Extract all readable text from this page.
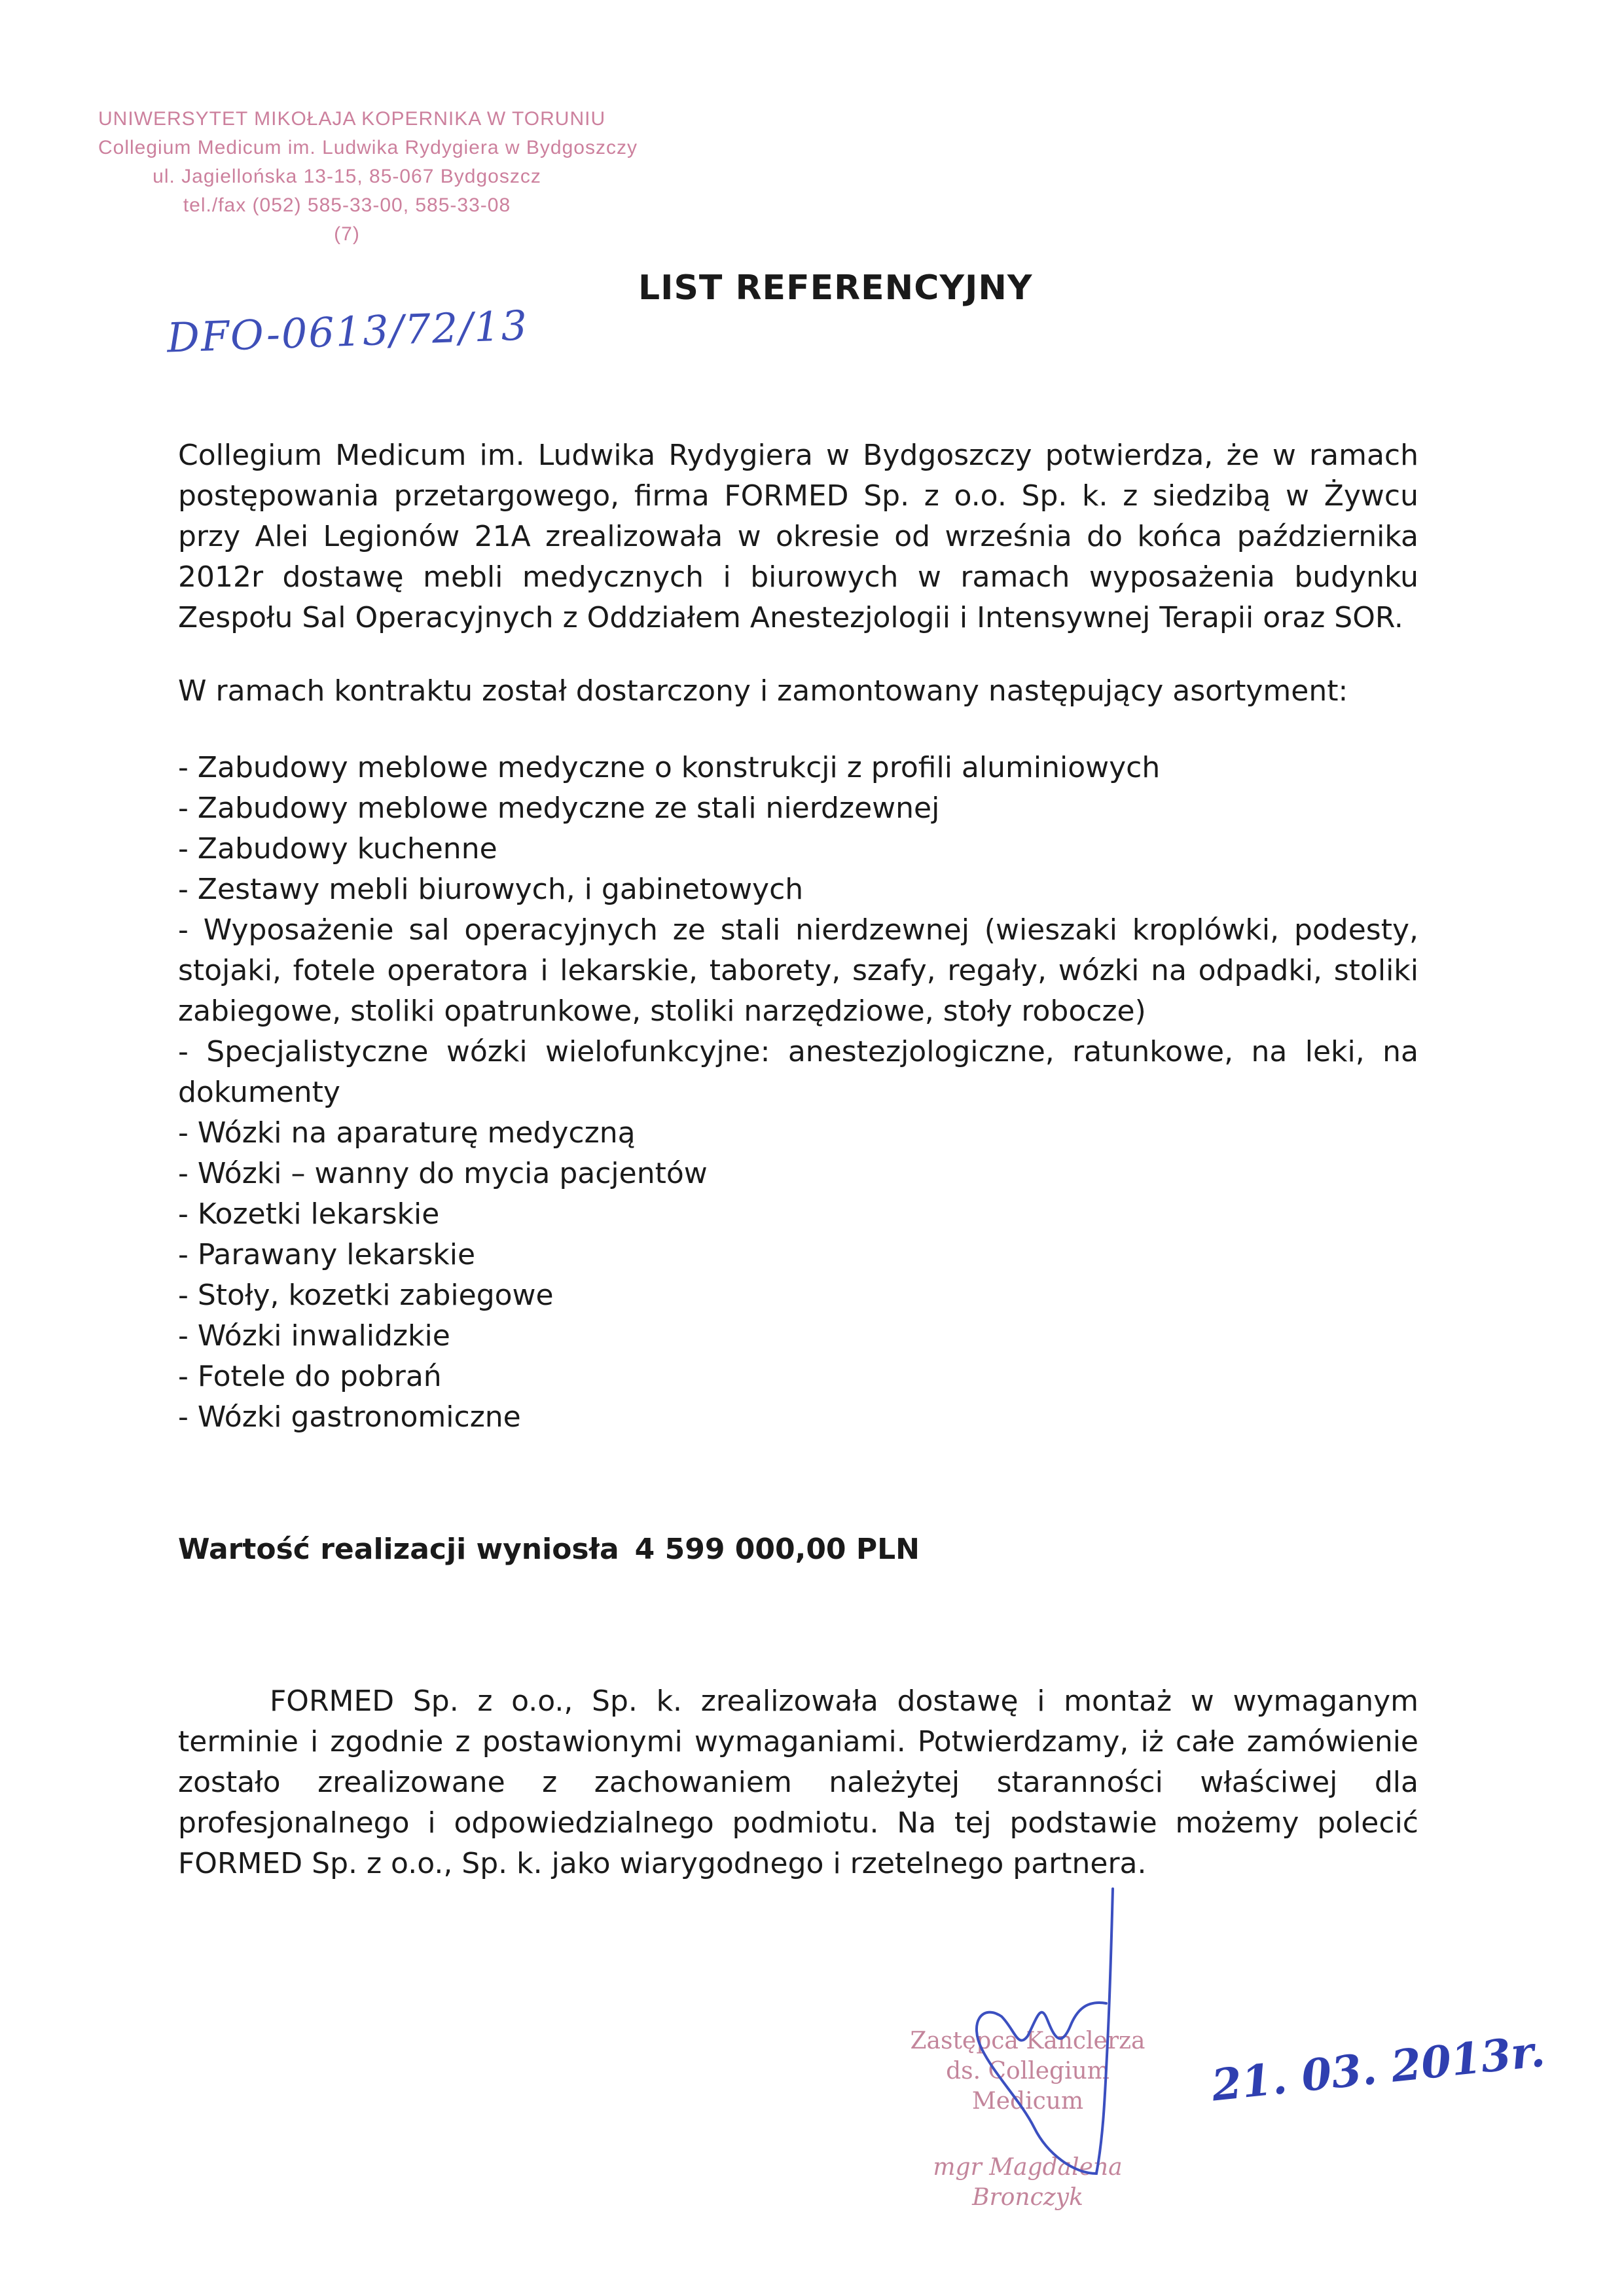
UNIWERSYTET MIKOŁAJA KOPERNIKA W TORUNIU
Collegium Medicum im. Ludwika Rydygiera w Bydgoszczy
ul. Jagiellońska 13-15, 85-067 Bydgoszcz
tel./fax (052) 585-33-00, 585-33-08
(7)
DFO-0613/72/13
LIST REFERENCYJNY

Collegium Medicum im. Ludwika Rydygiera w Bydgoszczy potwierdza, że w ramach postępowania przetargowego, firma FORMED Sp. z o.o. Sp. k. z siedzibą w Żywcu przy Alei Legionów 21A zrealizowała w okresie od września do końca października 2012r dostawę mebli medycznych i biurowych w ramach wyposażenia budynku Zespołu Sal Operacyjnych z Oddziałem Anestezjologii i Intensywnej Terapii oraz SOR.

W ramach kontraktu został dostarczony i zamontowany następujący asortyment:

- Zabudowy meblowe medyczne o konstrukcji z profili aluminiowych
- Zabudowy meblowe medyczne ze stali nierdzewnej
- Zabudowy kuchenne
- Zestawy mebli biurowych, i gabinetowych
- Wyposażenie sal operacyjnych ze stali nierdzewnej (wieszaki kroplówki, podesty, stojaki, fotele operatora i lekarskie, taborety, szafy, regały, wózki na odpadki, stoliki zabiegowe, stoliki opatrunkowe, stoliki narzędziowe, stoły robocze)
- Specjalistyczne wózki wielofunkcyjne: anestezjologiczne, ratunkowe, na leki, na dokumenty
- Wózki na aparaturę medyczną
- Wózki – wanny do mycia pacjentów
- Kozetki lekarskie
- Parawany lekarskie
- Stoły, kozetki zabiegowe
- Wózki inwalidzkie
- Fotele do pobrań
- Wózki gastronomiczne

Wartość realizacji wyniosła 4 599 000,00 PLN

FORMED Sp. z o.o., Sp. k. zrealizowała dostawę i montaż w wymaganym terminie i zgodnie z postawionymi wymaganiami. Potwierdzamy, iż całe zamówienie zostało zrealizowane z zachowaniem należytej staranności właściwej dla profesjonalnego i odpowiedzialnego podmiotu. Na tej podstawie możemy polecić FORMED Sp. z o.o., Sp. k. jako wiarygodnego i rzetelnego partnera.

Zastępca Kanclerza
ds. Collegium Medicum
mgr Magdalena Bronczyk
21. 03. 2013r.
